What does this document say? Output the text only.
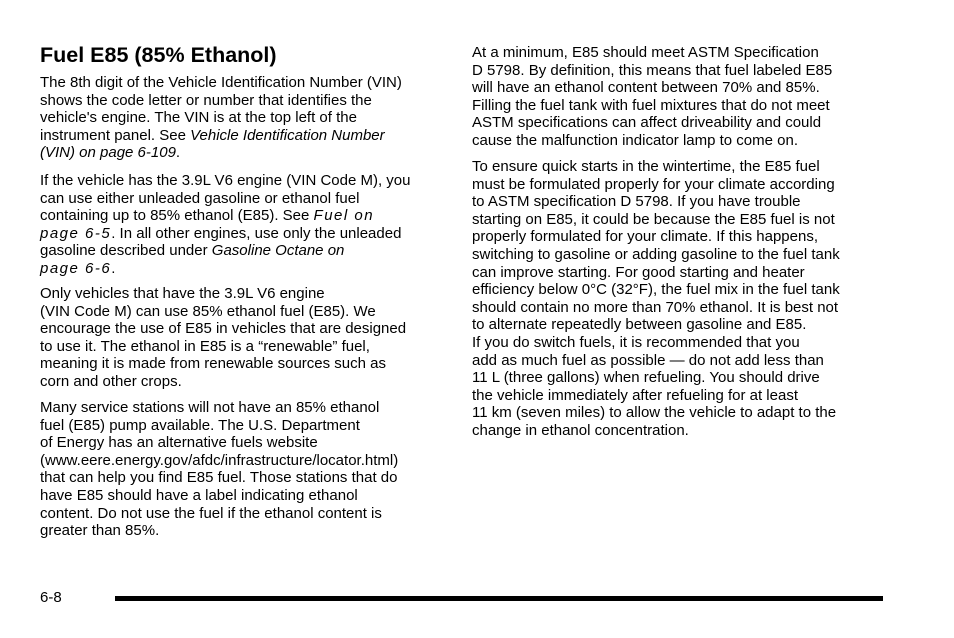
Fuel E85 (85% Ethanol)

The 8th digit of the Vehicle Identification Number (VIN)
shows the code letter or number that identifies the
vehicle's engine. The VIN is at the top left of the
instrument panel. See Vehicle Identification Number
(VIN) on page 6-109.

If the vehicle has the 3.9L V6 engine (VIN Code M), you
can use either unleaded gasoline or ethanol fuel
containing up to 85% ethanol (E85). See Fuel on
page 6-5. In all other engines, use only the unleaded
gasoline described under Gasoline Octane on
page 6-6.

Only vehicles that have the 3.9L V6 engine
(VIN Code M) can use 85% ethanol fuel (E85). We
encourage the use of E85 in vehicles that are designed
to use it. The ethanol in E85 is a “renewable” fuel,
meaning it is made from renewable sources such as
corn and other crops.

Many service stations will not have an 85% ethanol
fuel (E85) pump available. The U.S. Department
of Energy has an alternative fuels website
(www.eere.energy.gov/afdc/infrastructure/locator.html)
that can help you find E85 fuel. Those stations that do
have E85 should have a label indicating ethanol
content. Do not use the fuel if the ethanol content is
greater than 85%.

At a minimum, E85 should meet ASTM Specification
D 5798. By definition, this means that fuel labeled E85
will have an ethanol content between 70% and 85%.
Filling the fuel tank with fuel mixtures that do not meet
ASTM specifications can affect driveability and could
cause the malfunction indicator lamp to come on.

To ensure quick starts in the wintertime, the E85 fuel
must be formulated properly for your climate according
to ASTM specification D 5798. If you have trouble
starting on E85, it could be because the E85 fuel is not
properly formulated for your climate. If this happens,
switching to gasoline or adding gasoline to the fuel tank
can improve starting. For good starting and heater
efficiency below 0°C (32°F), the fuel mix in the fuel tank
should contain no more than 70% ethanol. It is best not
to alternate repeatedly between gasoline and E85.

If you do switch fuels, it is recommended that you
add as much fuel as possible — do not add less than
11 L (three gallons) when refueling. You should drive
the vehicle immediately after refueling for at least
11 km (seven miles) to allow the vehicle to adapt to the
change in ethanol concentration.

6-8
